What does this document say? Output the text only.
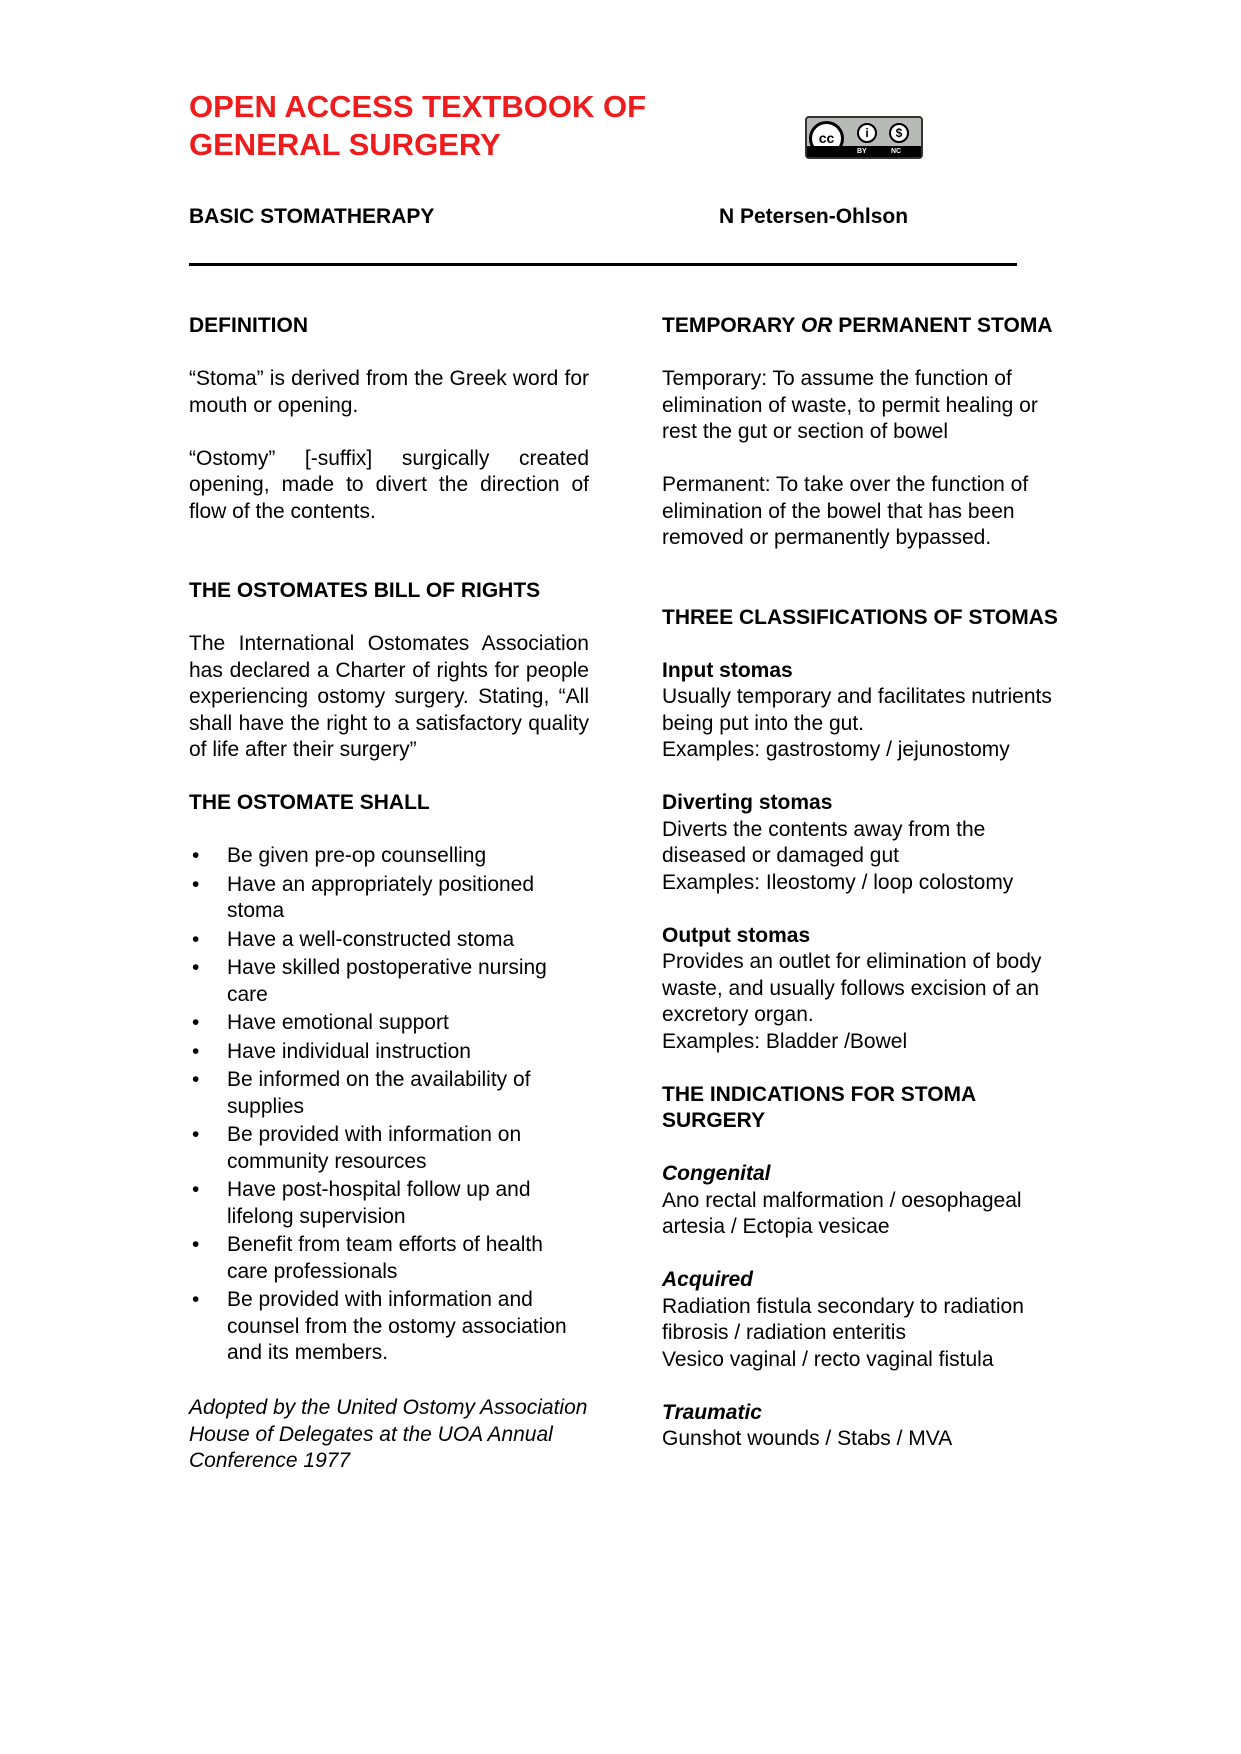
OPEN ACCESS TEXTBOOK OF
GENERAL SURGERY	cc	i	$
BY	NC
BASIC STOMATHERAPY	N Petersen-Ohlson

DEFINITION

“Stoma” is derived from the Greek word for mouth or opening.

“Ostomy” [-suffix] surgically created opening, made to divert the direction of flow of the contents.

THE OSTOMATES BILL OF RIGHTS

The International Ostomates Association has declared a Charter of rights for people experiencing ostomy surgery. Stating, “All shall have the right to a satisfactory quality of life after their surgery”

THE OSTOMATE SHALL

• Be given pre-op counselling
• Have an appropriately positioned stoma
• Have a well-constructed stoma
• Have skilled postoperative nursing care
• Have emotional support
• Have individual instruction
• Be informed on the availability of supplies
• Be provided with information on community resources
• Have post-hospital follow up and lifelong supervision
• Benefit from team efforts of health care professionals
• Be provided with information and counsel from the ostomy association and its members.

Adopted by the United Ostomy Association House of Delegates at the UOA Annual Conference 1977

TEMPORARY OR PERMANENT STOMA

Temporary: To assume the function of elimination of waste, to permit healing or rest the gut or section of bowel

Permanent: To take over the function of elimination of the bowel that has been removed or permanently bypassed.

THREE CLASSIFICATIONS OF STOMAS

Input stomas

Usually temporary and facilitates nutrients being put into the gut.

Examples: gastrostomy / jejunostomy

Diverting stomas

Diverts the contents away from the diseased or damaged gut

Examples: Ileostomy / loop colostomy

Output stomas

Provides an outlet for elimination of body waste, and usually follows excision of an excretory organ.

Examples: Bladder /Bowel

THE INDICATIONS FOR STOMA SURGERY

Congenital

Ano rectal malformation / oesophageal artesia / Ectopia vesicae

Acquired

Radiation fistula secondary to radiation fibrosis / radiation enteritis

Vesico vaginal / recto vaginal fistula

Traumatic

Gunshot wounds / Stabs / MVA
